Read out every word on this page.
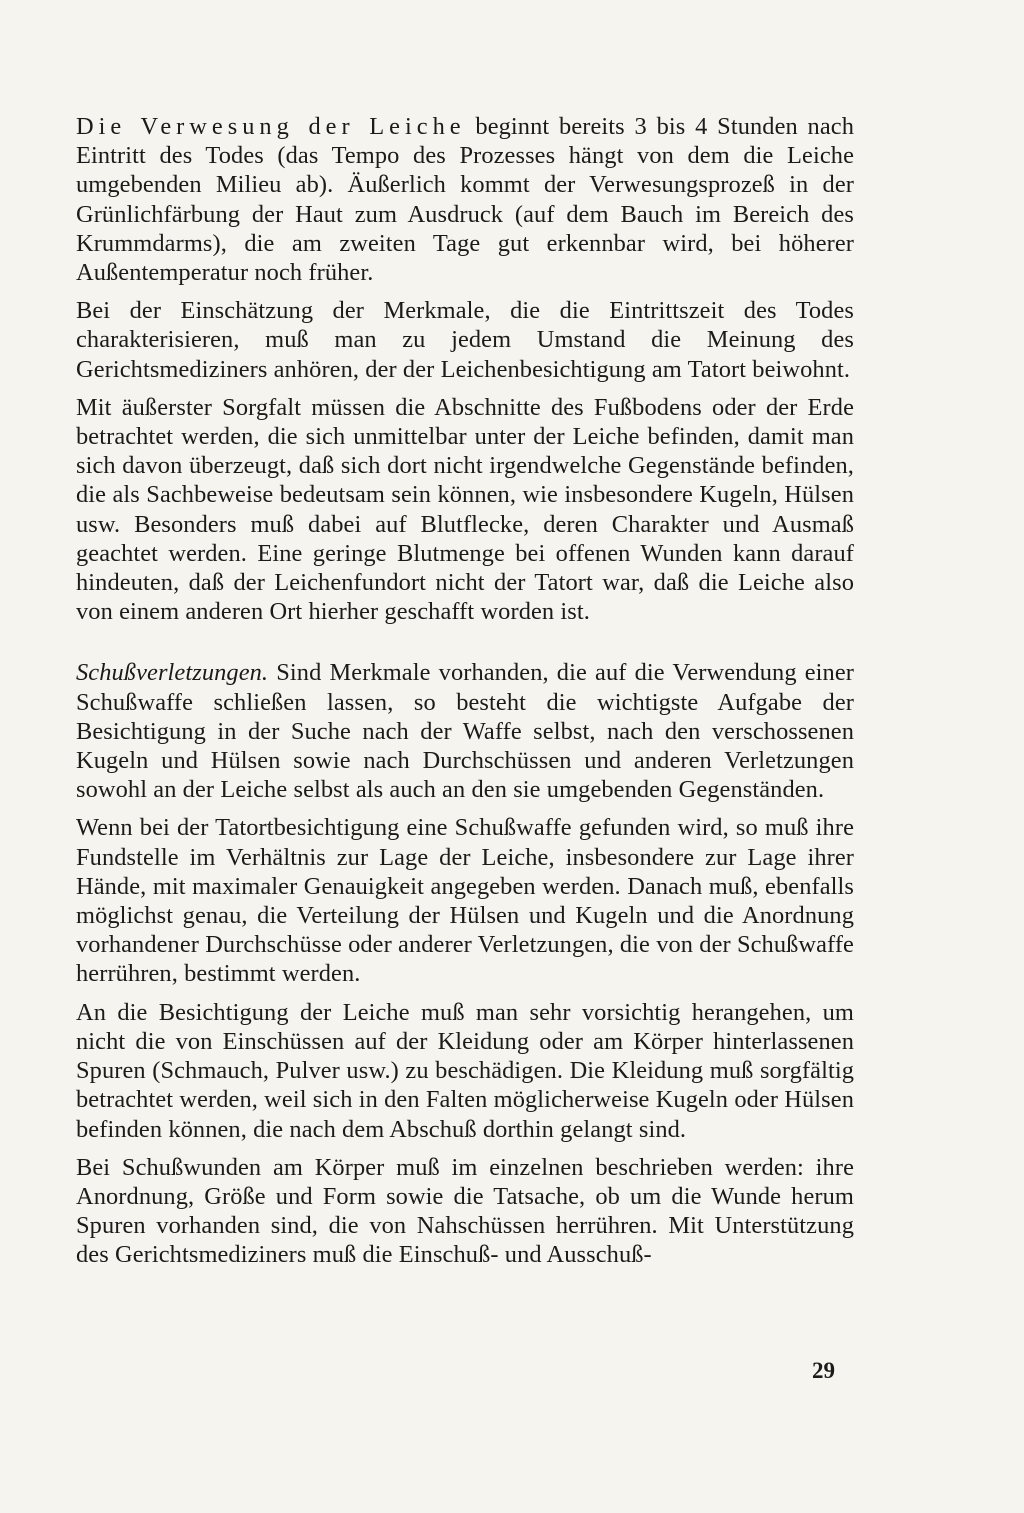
Die Verwesung der Leiche beginnt bereits 3 bis 4 Stunden nach Eintritt des Todes (das Tempo des Prozesses hängt von dem die Leiche umgebenden Milieu ab). Äußerlich kommt der Verwesungsprozeß in der Grünlichfärbung der Haut zum Ausdruck (auf dem Bauch im Bereich des Krummdarms), die am zweiten Tage gut erkennbar wird, bei höherer Außentemperatur noch früher.

Bei der Einschätzung der Merkmale, die die Eintrittszeit des Todes charakterisieren, muß man zu jedem Umstand die Meinung des Gerichtsmediziners anhören, der der Leichenbesichtigung am Tatort beiwohnt.

Mit äußerster Sorgfalt müssen die Abschnitte des Fußbodens oder der Erde betrachtet werden, die sich unmittelbar unter der Leiche befinden, damit man sich davon überzeugt, daß sich dort nicht irgendwelche Gegenstände befinden, die als Sachbeweise bedeutsam sein können, wie insbesondere Kugeln, Hülsen usw. Besonders muß dabei auf Blutflecke, deren Charakter und Ausmaß geachtet werden. Eine geringe Blutmenge bei offenen Wunden kann darauf hindeuten, daß der Leichenfundort nicht der Tatort war, daß die Leiche also von einem anderen Ort hierher geschafft worden ist.

Schußverletzungen. Sind Merkmale vorhanden, die auf die Verwendung einer Schußwaffe schließen lassen, so besteht die wichtigste Aufgabe der Besichtigung in der Suche nach der Waffe selbst, nach den verschossenen Kugeln und Hülsen sowie nach Durchschüssen und anderen Verletzungen sowohl an der Leiche selbst als auch an den sie umgebenden Gegenständen.

Wenn bei der Tatortbesichtigung eine Schußwaffe gefunden wird, so muß ihre Fundstelle im Verhältnis zur Lage der Leiche, insbesondere zur Lage ihrer Hände, mit maximaler Genauigkeit angegeben werden. Danach muß, ebenfalls möglichst genau, die Verteilung der Hülsen und Kugeln und die Anordnung vorhandener Durchschüsse oder anderer Verletzungen, die von der Schußwaffe herrühren, bestimmt werden.

An die Besichtigung der Leiche muß man sehr vorsichtig herangehen, um nicht die von Einschüssen auf der Kleidung oder am Körper hinterlassenen Spuren (Schmauch, Pulver usw.) zu beschädigen. Die Kleidung muß sorgfältig betrachtet werden, weil sich in den Falten möglicherweise Kugeln oder Hülsen befinden können, die nach dem Abschuß dorthin gelangt sind.

Bei Schußwunden am Körper muß im einzelnen beschrieben werden: ihre Anordnung, Größe und Form sowie die Tatsache, ob um die Wunde herum Spuren vorhanden sind, die von Nahschüssen herrühren. Mit Unterstützung des Gerichtsmediziners muß die Einschuß- und Ausschuß-

29
